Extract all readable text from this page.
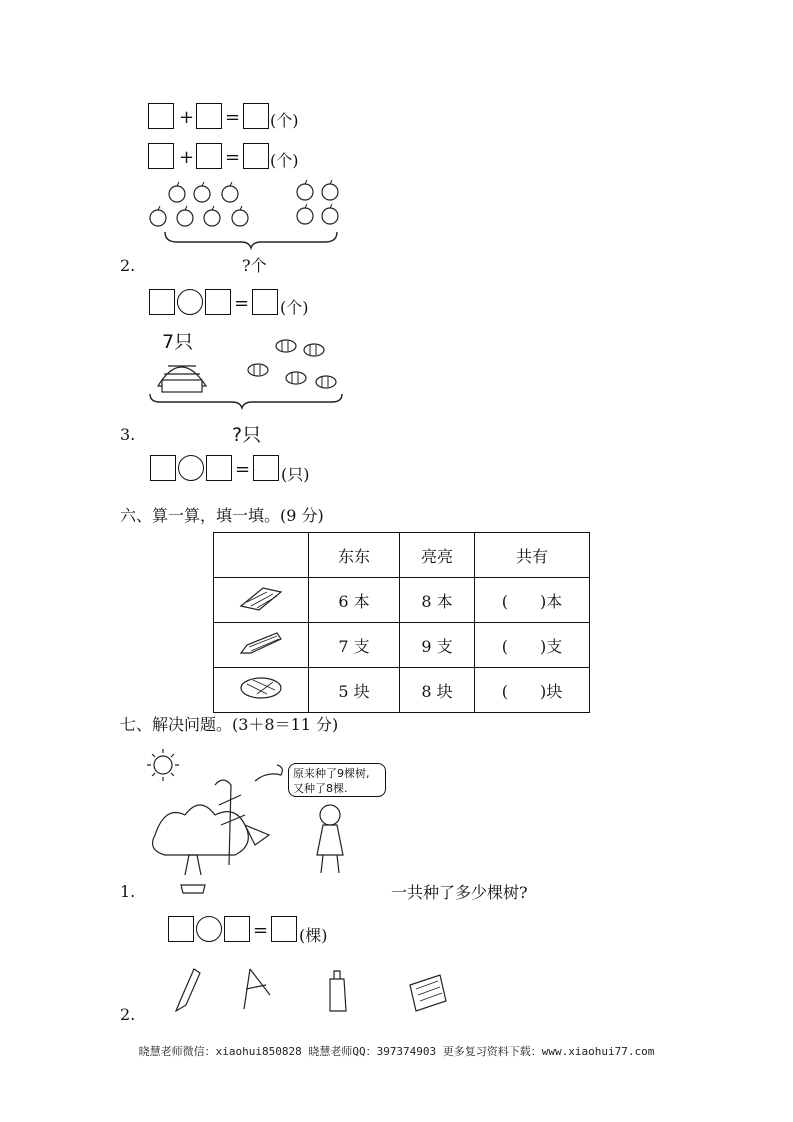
+ = (个)
+ = (个)
2.	?个
= (个)
7只
3.	?只
= (只)
六、算一算，填一填。(9 分)
	东东	亮亮	共有
	6 本	8 本	(　　)本
	7 支	9 支	(　　)支
	5 块	8 块	(　　)块
七、解决问题。(3＋8＝11 分)
原来种了9棵树,
又种了8棵.
1.	一共种了多少棵树?
= (棵)
2.
晓慧老师微信：xiaohui850828 晓慧老师QQ：397374903 更多复习资料下载：www.xiaohui77.com
